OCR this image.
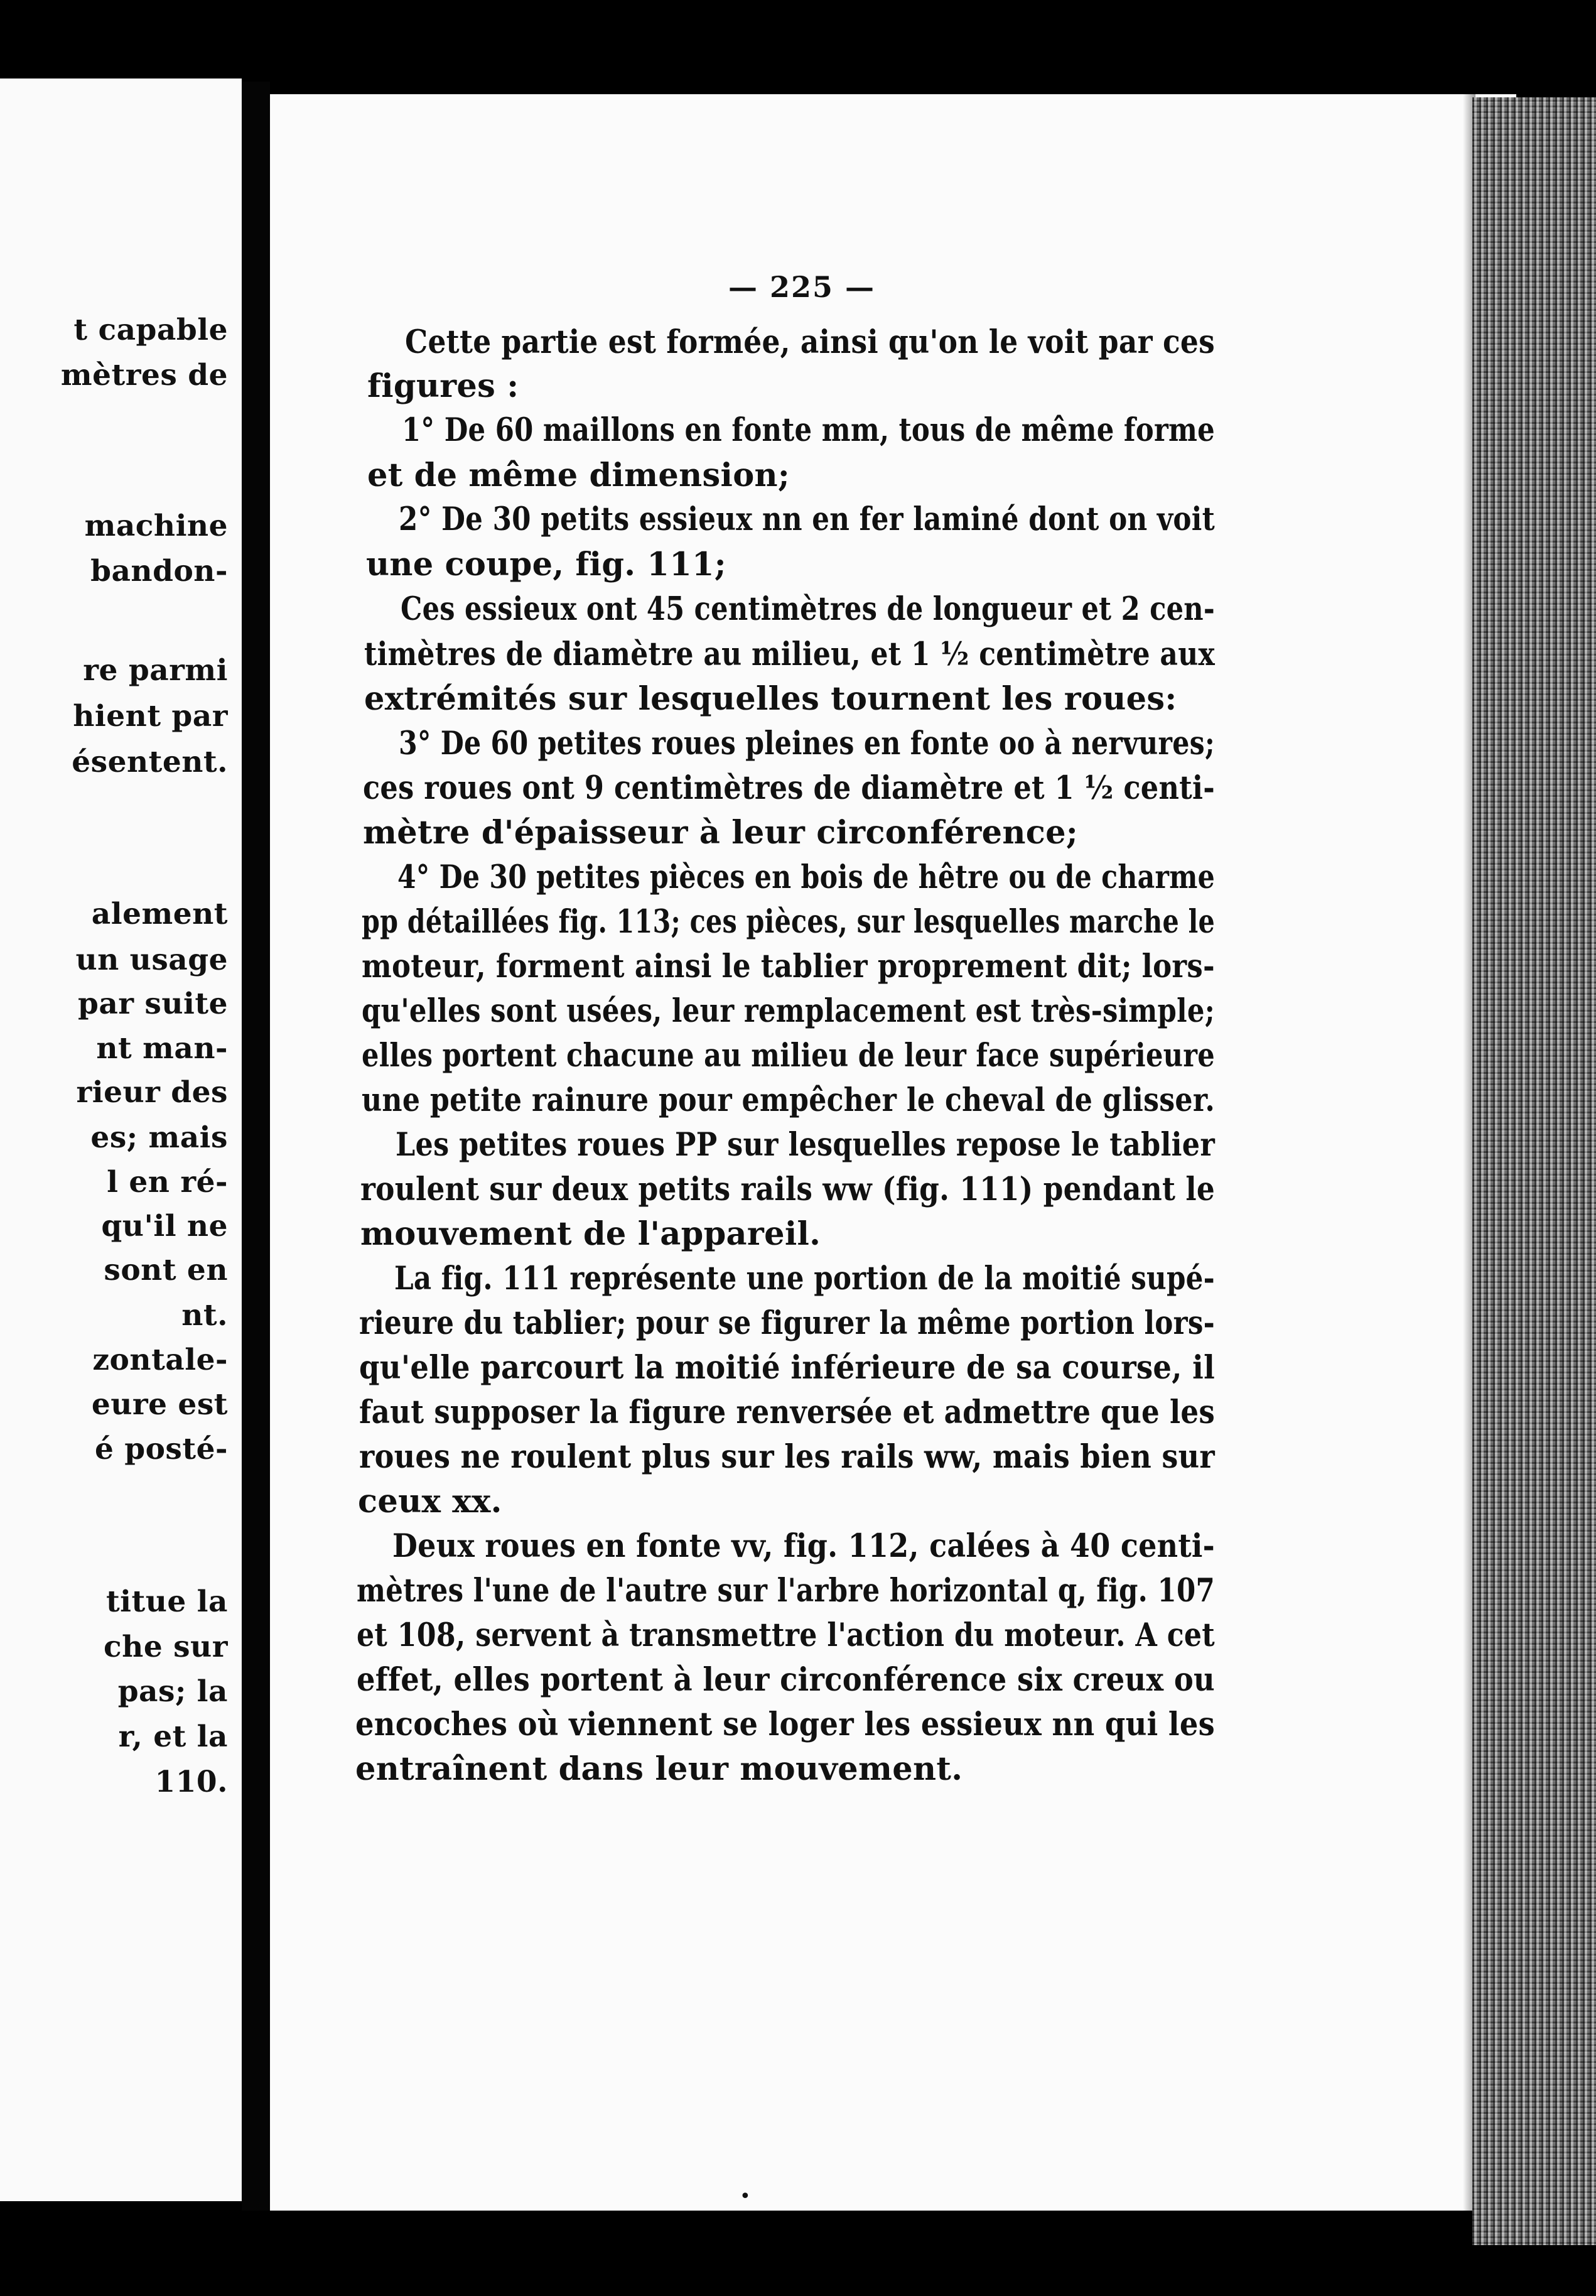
t capable
mètres de
machine
bandon-
re parmi
hient par
ésentent.
alement
un usage
par suite
nt man-
rieur des
es; mais
l en ré-
qu'il ne
sont en
nt.
zontale-
eure est
é posté-
titue la
che sur
pas; la
r, et la
110.
— 225 —
Cette partie est formée, ainsi qu'on le voit par ces
figures :
1° De 60 maillons en fonte mm, tous de même forme
et de même dimension;
2° De 30 petits essieux nn en fer laminé dont on voit
une coupe, fig. 111;
Ces essieux ont 45 centimètres de longueur et 2 cen-
timètres de diamètre au milieu, et 1 ½ centimètre aux
extrémités sur lesquelles tournent les roues:
3° De 60 petites roues pleines en fonte oo à nervures;
ces roues ont 9 centimètres de diamètre et 1 ½ centi-
mètre d'épaisseur à leur circonférence;
4° De 30 petites pièces en bois de hêtre ou de charme
pp détaillées fig. 113; ces pièces, sur lesquelles marche le
moteur, forment ainsi le tablier proprement dit; lors-
qu'elles sont usées, leur remplacement est très-simple;
elles portent chacune au milieu de leur face supérieure
une petite rainure pour empêcher le cheval de glisser.
Les petites roues PP sur lesquelles repose le tablier
roulent sur deux petits rails ww (fig. 111) pendant le
mouvement de l'appareil.
La fig. 111 représente une portion de la moitié supé-
rieure du tablier; pour se figurer la même portion lors-
qu'elle parcourt la moitié inférieure de sa course, il
faut supposer la figure renversée et admettre que les
roues ne roulent plus sur les rails ww, mais bien sur
ceux xx.
Deux roues en fonte vv, fig. 112, calées à 40 centi-
mètres l'une de l'autre sur l'arbre horizontal q, fig. 107
et 108, servent à transmettre l'action du moteur. A cet
effet, elles portent à leur circonférence six creux ou
encoches où viennent se loger les essieux nn qui les
entraînent dans leur mouvement.
•
